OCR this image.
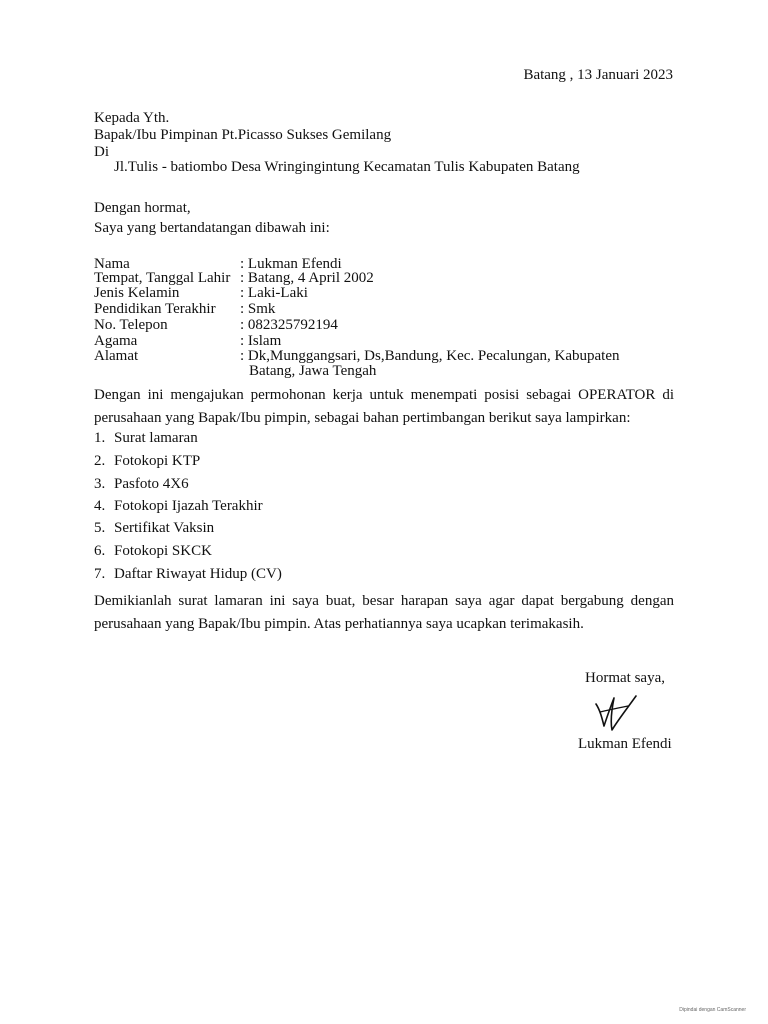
Batang , 13 Januari 2023
Kepada Yth.
Bapak/Ibu Pimpinan Pt.Picasso Sukses Gemilang
Di
Jl.Tulis - batiombo Desa Wringingintung Kecamatan Tulis Kabupaten Batang
Dengan hormat,
Saya yang bertandatangan dibawah ini:
Nama	: Lukman Efendi
Tempat, Tanggal Lahir : Batang, 4 April 2002
Jenis Kelamin	: Laki-Laki
Pendidikan Terakhir : Smk
No. Telepon	: 082325792194
Agama	: Islam
Alamat	: Dk,Munggangsari, Ds,Bandung, Kec. Pecalungan, Kabupaten
Batang, Jawa Tengah
Dengan ini mengajukan permohonan kerja untuk menempati posisi sebagai OPERATOR di perusahaan yang Bapak/Ibu pimpin, sebagai bahan pertimbangan berikut saya lampirkan:
1. Surat lamaran
2. Fotokopi KTP
3. Pasfoto 4X6
4. Fotokopi Ijazah Terakhir
5. Sertifikat Vaksin
6. Fotokopi SKCK
7. Daftar Riwayat Hidup (CV)
Demikianlah surat lamaran ini saya buat, besar harapan saya agar dapat bergabung dengan perusahaan yang Bapak/Ibu pimpin. Atas perhatiannya saya ucapkan terimakasih.
Hormat saya,
Lukman Efendi
Dipindai dengan CamScanner
